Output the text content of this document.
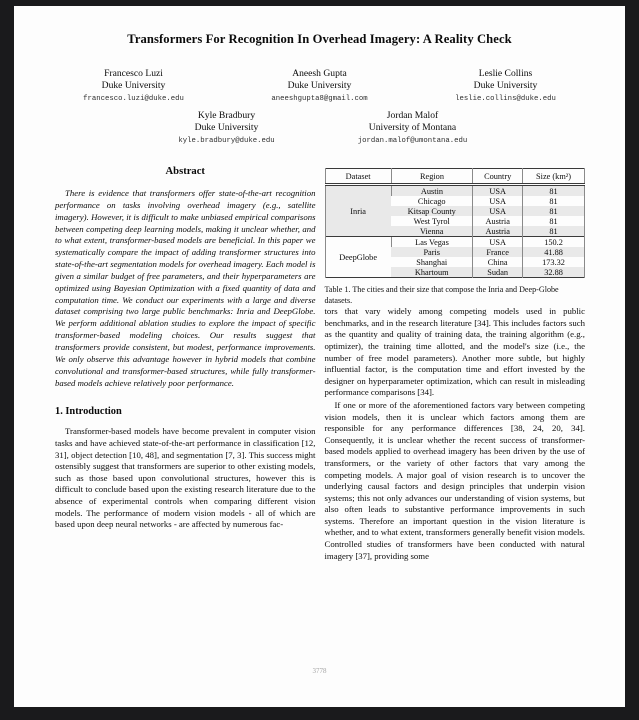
Transformers For Recognition In Overhead Imagery: A Reality Check
Francesco Luzi
Duke University
francesco.luzi@duke.edu
Aneesh Gupta
Duke University
aneeshgupta8@gmail.com
Leslie Collins
Duke University
leslie.collins@duke.edu
Kyle Bradbury
Duke University
kyle.bradbury@duke.edu
Jordan Malof
University of Montana
jordan.malof@umontana.edu
Abstract
There is evidence that transformers offer state-of-the-art recognition performance on tasks involving overhead imagery (e.g., satellite imagery). However, it is difficult to make unbiased empirical comparisons between competing deep learning models, making it unclear whether, and to what extent, transformer-based models are beneficial. In this paper we systematically compare the impact of adding transformer structures into state-of-the-art segmentation models for overhead imagery. Each model is given a similar budget of free parameters, and their hyperparameters are optimized using Bayesian Optimization with a fixed quantity of data and computation time. We conduct our experiments with a large and diverse dataset comprising two large public benchmarks: Inria and DeepGlobe. We perform additional ablation studies to explore the impact of specific transformer-based modeling choices. Our results suggest that transformers provide consistent, but modest, performance improvements. We only observe this advantage however in hybrid models that combine convolutional and transformer-based structures, while fully transformer-based models achieve relatively poor performance.
1. Introduction
Transformer-based models have become prevalent in computer vision tasks and have achieved state-of-the-art performance in classification [12, 31], object detection [10, 48], and segmentation [7, 3]. This success might ostensibly suggest that transformers are superior to other existing models, such as those based upon convolutional structures, however this is difficult to conclude based upon the existing research literature due to the absence of experimental controls when comparing different vision models. The performance of modern vision models - all of which are based upon deep neural networks - are affected by numerous fac-
Dataset	Region	Country	Size (km²)
Inria	Austin	USA	81
	Chicago	USA	81
	Kitsap County	USA	81
	West Tyrol	Austria	81
	Vienna	Austria	81
DeepGlobe	Las Vegas	USA	150.2
	Paris	France	41.88
	Shanghai	China	173.32
	Khartoum	Sudan	32.88
Table 1. The cities and their size that compose the Inria and Deep-Globe datasets.
tors that vary widely among competing models used in public benchmarks, and in the research literature [34]. This includes factors such as the quantity and quality of training data, the training algorithm (e.g., optimizer), the training time allotted, and the model's size (i.e., the number of free model parameters). Another more subtle, but highly influential factor, is the computation time and effort invested by the designer on hyperparameter optimization, which can result in misleading performance comparisons [34].
If one or more of the aforementioned factors vary between competing vision models, then it is unclear which factors among them are responsible for any performance differences [38, 24, 20, 34]. Consequently, it is unclear whether the recent success of transformer-based models applied to overhead imagery has been driven by the use of transformers, or the variety of other factors that vary among the competing models. A major goal of vision research is to uncover the underlying causal factors and design principles that underpin vision systems; this not only advances our understanding of vision systems, but also often leads to substantive performance improvements in such systems. Therefore an important question in the vision literature is whether, and to what extent, transformers generally benefit vision models. Controlled studies of transformers have been conducted with natural imagery [37], providing some
3778
